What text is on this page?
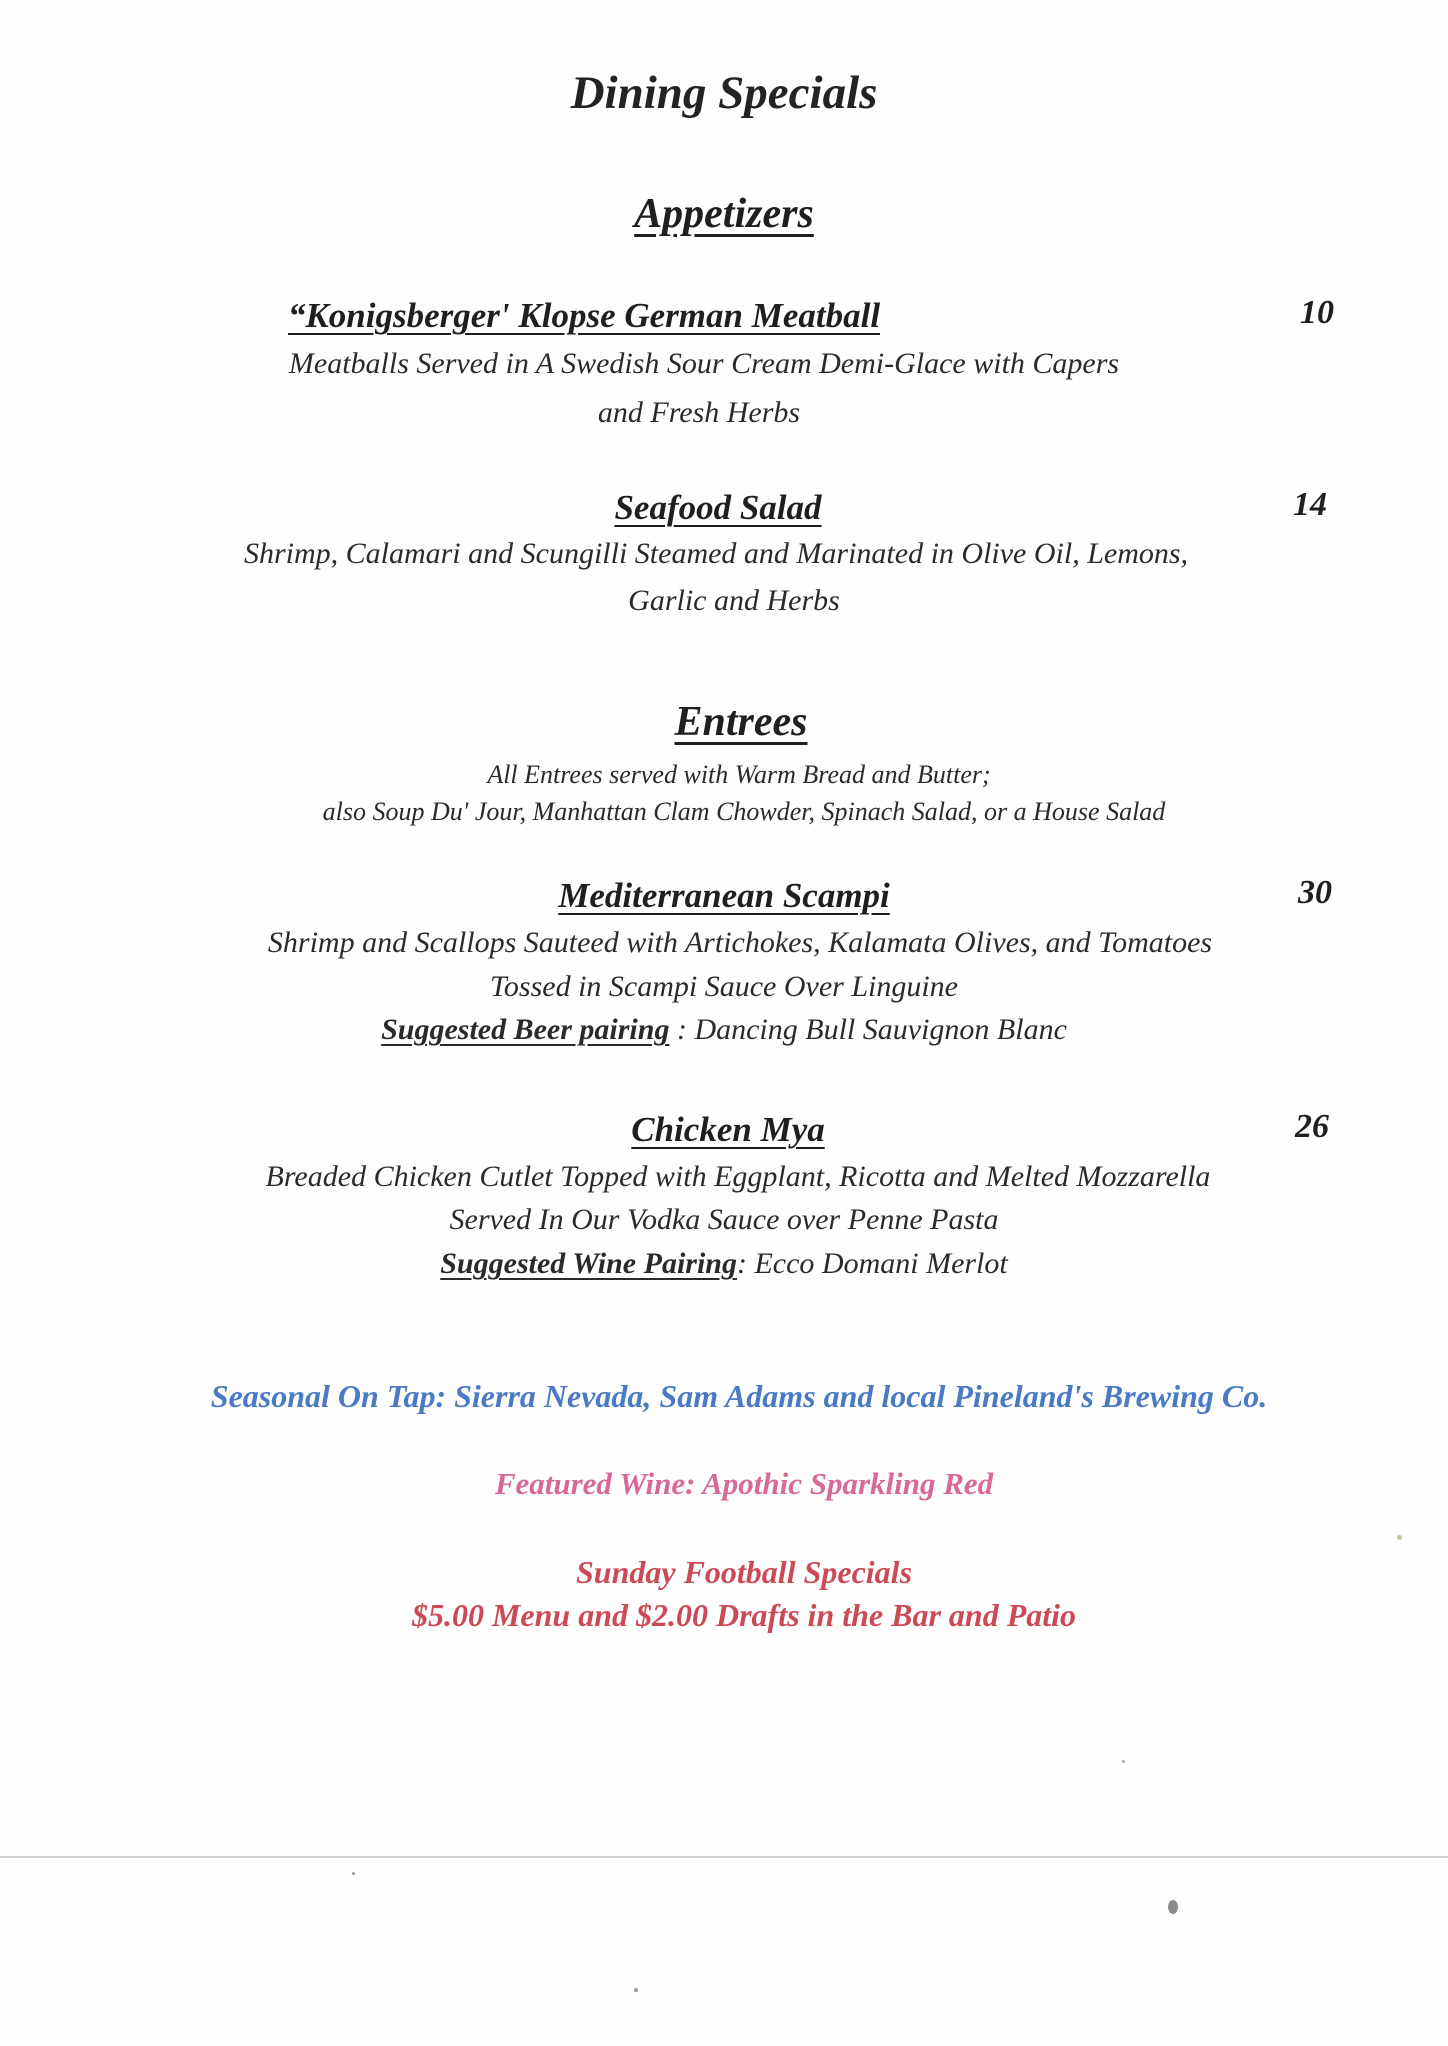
Dining Specials
Appetizers
“Konigsberger' Klopse German Meatball	10
Meatballs Served in A Swedish Sour Cream Demi-Glace with Capers
and Fresh Herbs
Seafood Salad	14
Shrimp, Calamari and Scungilli Steamed and Marinated in Olive Oil, Lemons,
Garlic and Herbs
Entrees
All Entrees served with Warm Bread and Butter;
also Soup Du' Jour, Manhattan Clam Chowder, Spinach Salad, or a House Salad
Mediterranean Scampi	30
Shrimp and Scallops Sauteed with Artichokes, Kalamata Olives, and Tomatoes
Tossed in Scampi Sauce Over Linguine
Suggested Beer pairing : Dancing Bull Sauvignon Blanc
Chicken Mya	26
Breaded Chicken Cutlet Topped with Eggplant, Ricotta and Melted Mozzarella
Served In Our Vodka Sauce over Penne Pasta
Suggested Wine Pairing: Ecco Domani Merlot
Seasonal On Tap: Sierra Nevada, Sam Adams and local Pineland's Brewing Co.
Featured Wine: Apothic Sparkling Red
Sunday Football Specials
$5.00 Menu and $2.00 Drafts in the Bar and Patio
